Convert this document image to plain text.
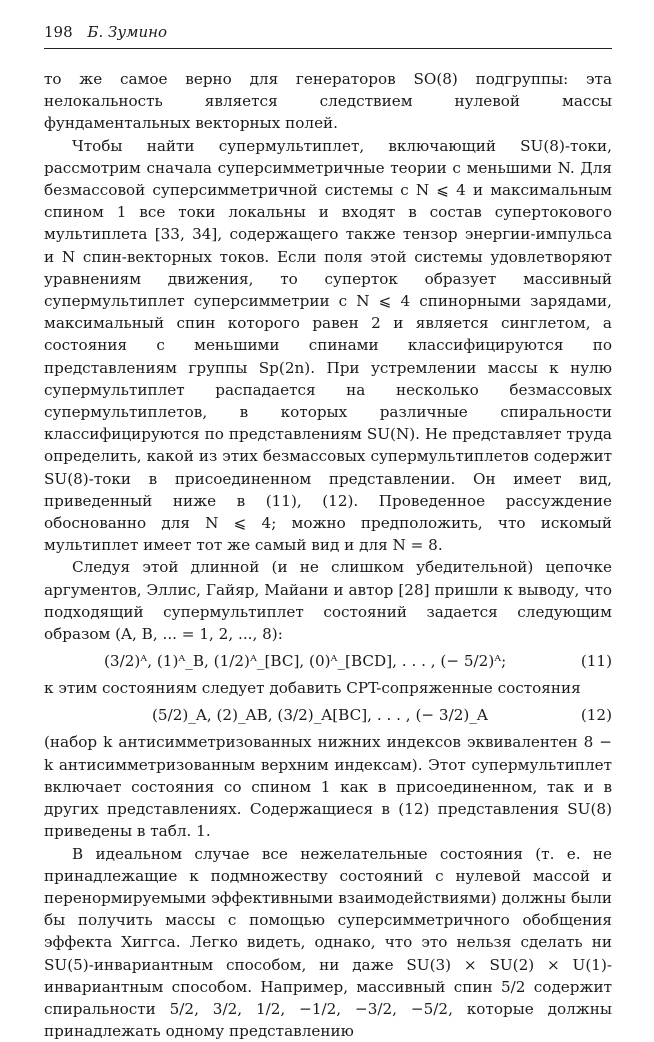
198 Б. Зумино

то же самое верно для генераторов SO(8) подгруппы: эта нелокальность является следствием нулевой массы фундаментальных векторных полей.

Чтобы найти супермультиплет, включающий SU(8)-токи, рассмотрим сначала суперсимметричные теории с меньшими N. Для безмассовой суперсимметричной системы с N ⩽ 4 и максимальным спином 1 все токи локальны и входят в состав супертокового мультиплета [33, 34], содержащего также тензор энергии-импульса и N спин-векторных токов. Если поля этой системы удовлетворяют уравнениям движения, то суперток образует массивный супермультиплет суперсимметрии с N ⩽ 4 спинорными зарядами, максимальный спин которого равен 2 и является синглетом, а состояния с меньшими спинами классифицируются по представлениям группы Sp(2n). При устремлении массы к нулю супермультиплет распадается на несколько безмассовых супермультиплетов, в которых различные спиральности классифицируются по представлениям SU(N). Не представляет труда определить, какой из этих безмассовых супермультиплетов содержит SU(8)-токи в присоединенном представлении. Он имеет вид, приведенный ниже в (11), (12). Проведенное рассуждение обоснованно для N ⩽ 4; можно предположить, что искомый мультиплет имеет тот же самый вид и для N = 8.

Следуя этой длинной (и не слишком убедительной) цепочке аргументов, Эллис, Гайяр, Майани и автор [28] пришли к выводу, что подходящий супермультиплет состояний задается следующим образом (A, B, ... = 1, 2, ..., 8):

(3/2)ᴬ, (1)ᴬ_B, (1/2)ᴬ_[BC], (0)ᴬ_[BCD], . . . , (− 5/2)ᴬ;	(11)

к этим состояниям следует добавить CPT-сопряженные состояния

(5/2)_A, (2)_AB, (3/2)_A[BC], . . . , (− 3/2)_A	(12)

(набор k антисимметризованных нижних индексов эквивалентен 8 − k антисимметризованным верхним индексам). Этот супермультиплет включает состояния со спином 1 как в присоединенном, так и в других представлениях. Содержащиеся в (12) представления SU(8) приведены в табл. 1.

В идеальном случае все нежелательные состояния (т. е. не принадлежащие к подмножеству состояний с нулевой массой и перенормируемыми эффективными взаимодействиями) должны были бы получить массы с помощью суперсимметричного обобщения эффекта Хиггса. Легко видеть, однако, что это нельзя сделать ни SU(5)-инвариантным способом, ни даже SU(3) × SU(2) × U(1)-инвариантным способом. Например, массивный спин 5/2 содержит спиральности 5/2, 3/2, 1/2, −1/2, −3/2, −5/2, которые должны принадлежать одному представлению
